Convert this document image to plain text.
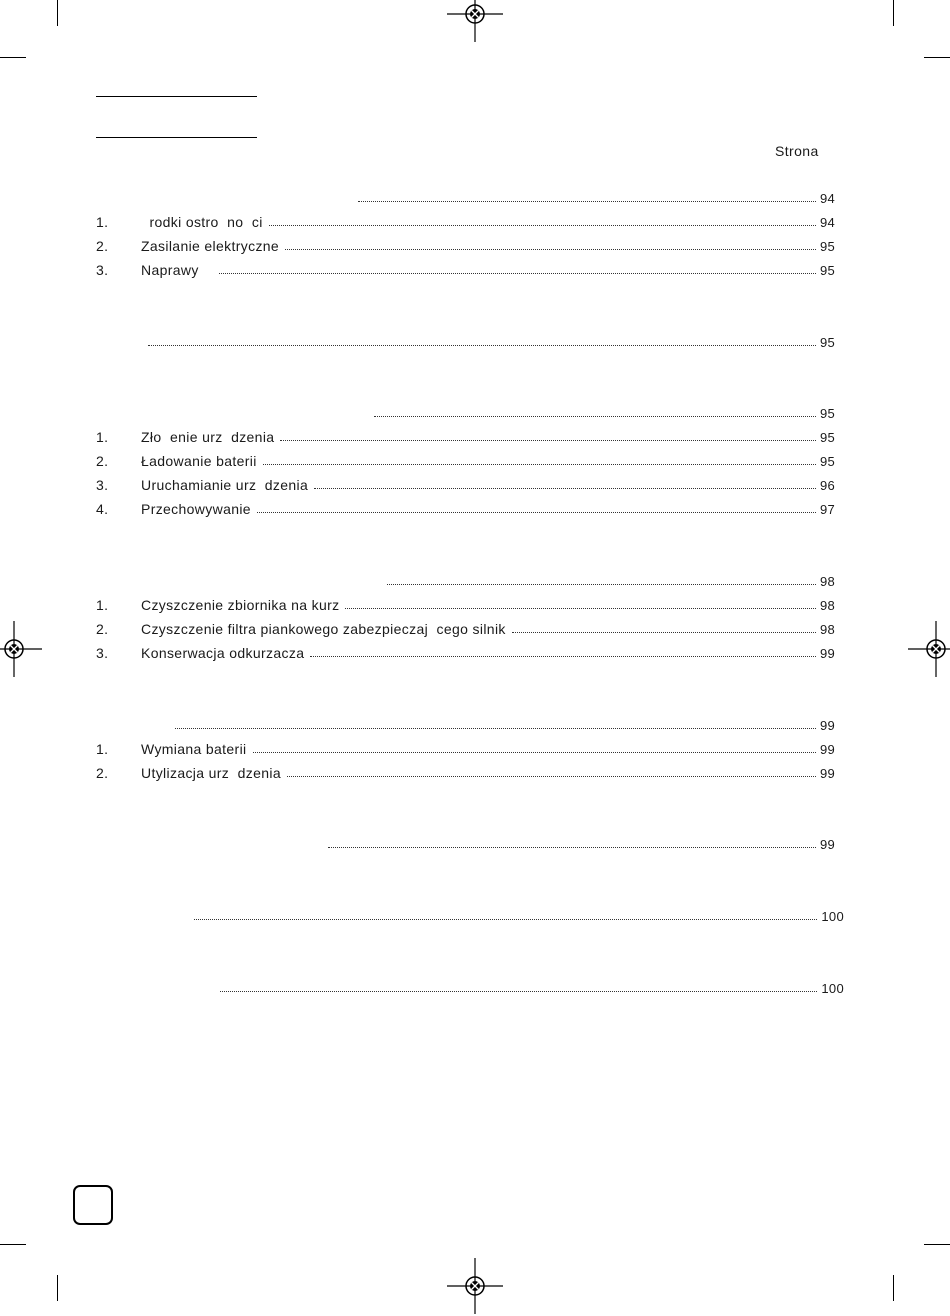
Strona
94
1.	rodki ostro  no  ci	94
2.	Zasilanie elektryczne	95
3.	Naprawy	95
95
95
1.	Zło  enie urz  dzenia	95
2.	Ładowanie baterii	95
3.	Uruchamianie urz  dzenia	96
4.	Przechowywanie	97
98
1.	Czyszczenie zbiornika na kurz	98
2.	Czyszczenie filtra piankowego zabezpieczaj  cego silnik	98
3.	Konserwacja odkurzacza	99
99
1.	Wymiana baterii	99
2.	Utylizacja urz  dzenia	99
99
100
100
